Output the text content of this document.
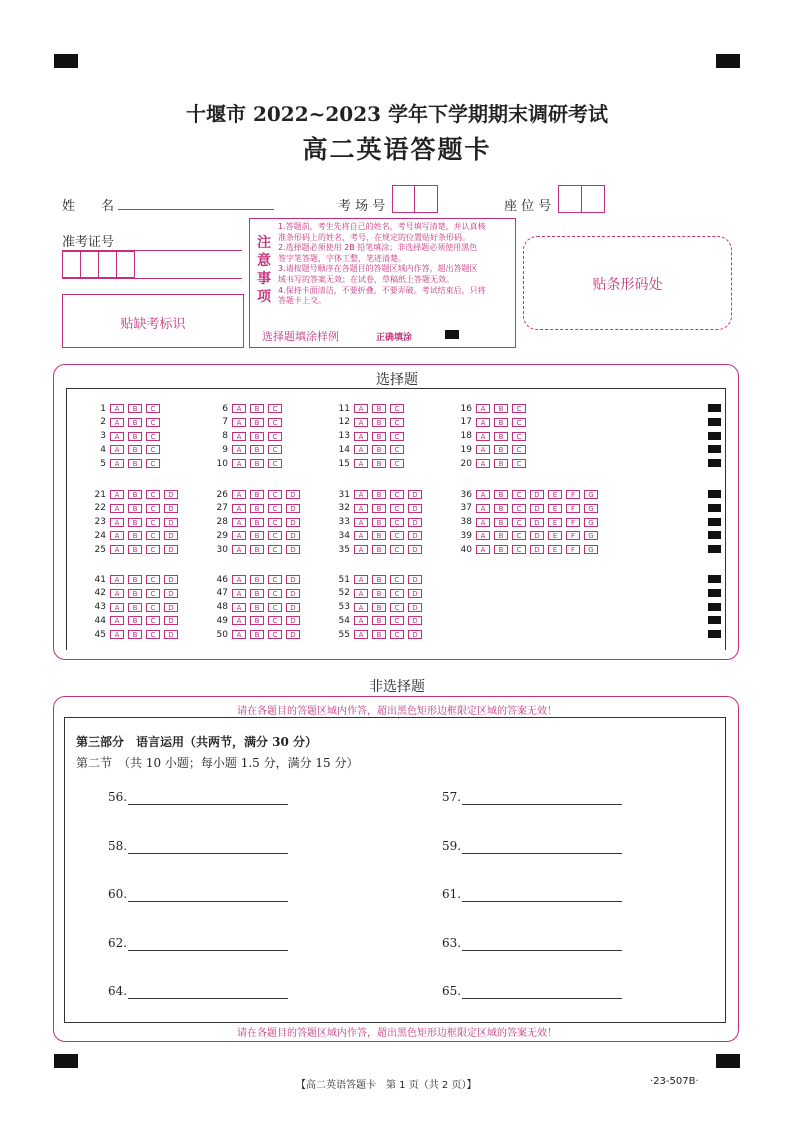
十堰市 2022~2023 学年下学期期末调研考试
高二英语答题卡
姓　　名	考 场 号	座 位 号
准考证号
贴缺考标识
注
意
事
项
1.答题前，考生先将自己的姓名，考号填写清楚，并认真核
准条形码上的姓名，考号，在规定的位置贴好条形码。
2.选择题必须使用 2B 铅笔填涂；非选择题必须使用黑色
签字笔答题，字体工整，笔迹清楚。
3.请按题号顺序在各题目的答题区域内作答，超出答题区
域书写的答案无效；在试卷，草稿纸上答题无效。
4.保持卡面清洁，不要折叠，不要弄破。考试结束后，只将
答题卡上交。
选择题填涂样例	正确填涂
贴条形码处
选择题
1	A	B	C
2	A	B	C
3	A	B	C
4	A	B	C
5	A	B	C
6	A	B	C
7	A	B	C
8	A	B	C
9	A	B	C
10	A	B	C
11	A	B	C
12	A	B	C
13	A	B	C
14	A	B	C
15	A	B	C
16	A	B	C
17	A	B	C
18	A	B	C
19	A	B	C
20	A	B	C
21	A	B	C	D
22	A	B	C	D
23	A	B	C	D
24	A	B	C	D
25	A	B	C	D
26	A	B	C	D
27	A	B	C	D
28	A	B	C	D
29	A	B	C	D
30	A	B	C	D
31	A	B	C	D
32	A	B	C	D
33	A	B	C	D
34	A	B	C	D
35	A	B	C	D
36	A	B	C	D	E	F	G
37	A	B	C	D	E	F	G
38	A	B	C	D	E	F	G
39	A	B	C	D	E	F	G
40	A	B	C	D	E	F	G
41	A	B	C	D
42	A	B	C	D
43	A	B	C	D
44	A	B	C	D
45	A	B	C	D
46	A	B	C	D
47	A	B	C	D
48	A	B	C	D
49	A	B	C	D
50	A	B	C	D
51	A	B	C	D
52	A	B	C	D
53	A	B	C	D
54	A	B	C	D
55	A	B	C	D
非选择题
请在各题目的答题区域内作答，超出黑色矩形边框限定区域的答案无效！
请在各题目的答题区域内作答，超出黑色矩形边框限定区域的答案无效！
第三部分　语言运用（共两节，满分 30 分）
第二节　（共 10 小题；每小题 1.5 分，满分 15 分）
56.	57.
58.	59.
60.	61.
62.	63.
64.	65.
【高二英语答题卡　第 1 页（共 2 页）】	·23-507B·
